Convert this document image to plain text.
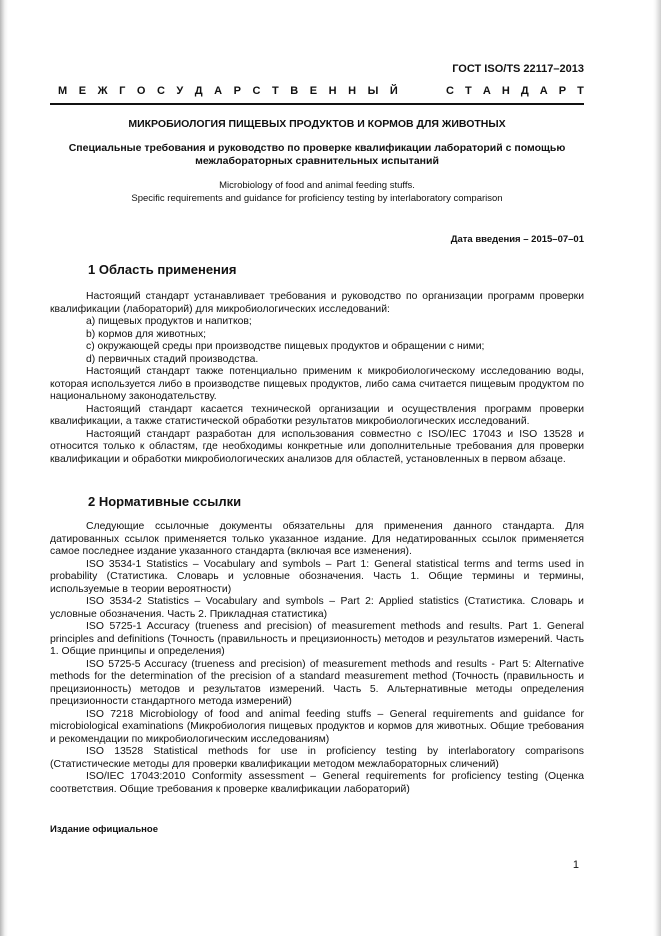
ГОСТ ISO/TS 22117–2013
М Е Ж Г О С У Д А Р С Т В Е Н Н Ы Й	С Т А Н Д А Р Т
МИКРОБИОЛОГИЯ ПИЩЕВЫХ ПРОДУКТОВ И КОРМОВ ДЛЯ ЖИВОТНЫХ
Специальные требования и руководство по проверке квалификации лабораторий с помощью
межлабораторных сравнительных испытаний
Microbiology of food and animal feeding stuffs.
Specific requirements and guidance for proficiency testing by interlaboratory comparison
Дата введения – 2015–07–01
1 Область применения

Настоящий стандарт устанавливает требования и руководство по организации программ проверки квалификации (лабораторий) для микробиологических исследований:

a) пищевых продуктов и напитков;

b) кормов для животных;

c) окружающей среды при производстве пищевых продуктов и обращении с ними;

d) первичных стадий производства.

Настоящий стандарт также потенциально применим к микробиологическому исследованию воды, которая используется либо в производстве пищевых продуктов, либо сама считается пищевым продуктом по национальному законодательству.

Настоящий стандарт касается технической организации и осуществления программ проверки квалификации, а также статистической обработки результатов микробиологических исследований.

Настоящий стандарт разработан для использования совместно с ISO/IEC 17043 и ISO 13528 и относится только к областям, где необходимы конкретные или дополнительные требования для проверки квалификации и обработки микробиологических анализов для областей, установленных в первом абзаце.

2 Нормативные ссылки

Следующие ссылочные документы обязательны для применения данного стандарта. Для датированных ссылок применяется только указанное издание. Для недатированных ссылок применяется самое последнее издание указанного стандарта (включая все изменения).

ISO 3534-1 Statistics – Vocabulary and symbols – Part 1: General statistical terms and terms used in probability (Статистика. Словарь и условные обозначения. Часть 1. Общие термины и термины, используемые в теории вероятности)

ISO 3534-2 Statistics – Vocabulary and symbols – Part 2: Applied statistics (Статистика. Словарь и условные обозначения. Часть 2. Прикладная статистика)

ISO 5725-1 Accuracy (trueness and precision) of measurement methods and results. Part 1. General principles and definitions (Точность (правильность и прецизионность) методов и результатов измерений. Часть 1. Общие принципы и определения)

ISO 5725-5 Accuracy (trueness and precision) of measurement methods and results - Part 5: Alternative methods for the determination of the precision of a standard measurement method (Точность (правильность и прецизионность) методов и результатов измерений. Часть 5. Альтернативные методы определения прецизионности стандартного метода измерений)

ISO 7218 Microbiology of food and animal feeding stuffs – General requirements and guidance for microbiological examinations (Микробиология пищевых продуктов и кормов для животных. Общие требования и рекомендации по микробиологическим исследованиям)

ISO 13528 Statistical methods for use in proficiency testing by interlaboratory comparisons (Статистические методы для проверки квалификации методом межлабораторных сличений)

ISO/IEC 17043:2010 Conformity assessment – General requirements for proficiency testing (Оценка соответствия. Общие требования к проверке квалификации лабораторий)

Издание официальное
1
